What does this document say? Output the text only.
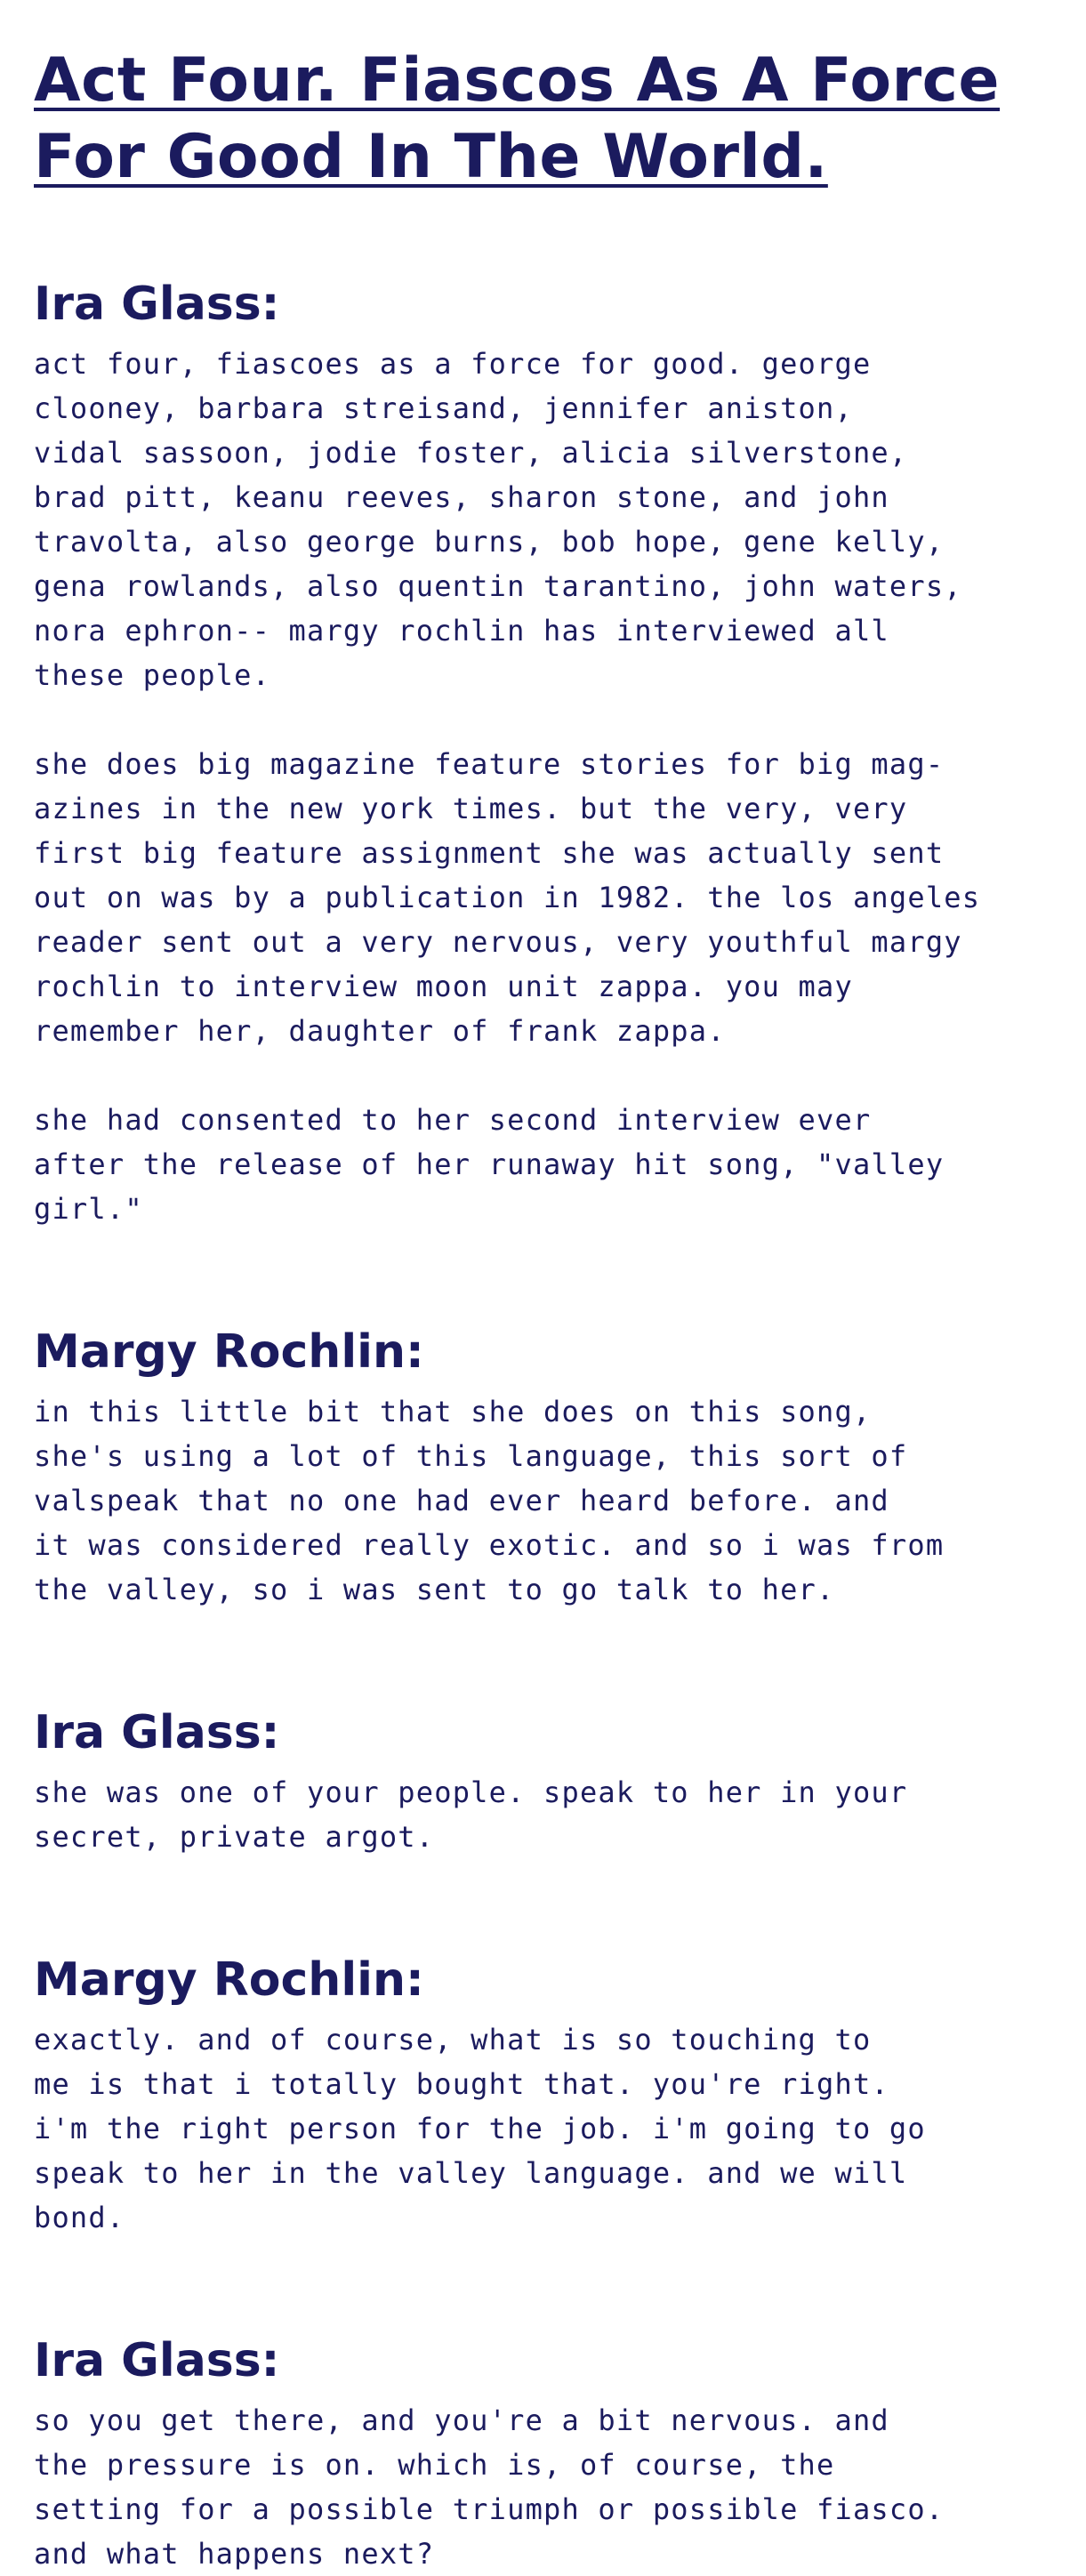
Act Four. Fiascos As A Force For Good In The World.
Ira Glass:

act four, fiascoes as a force for good. george
clooney, barbara streisand, jennifer aniston,
vidal sassoon, jodie foster, alicia silverstone,
brad pitt, keanu reeves, sharon stone, and john
travolta, also george burns, bob hope, gene kelly,
gena rowlands, also quentin tarantino, john waters,
nora ephron-- margy rochlin has interviewed all
these people.

she does big magazine feature stories for big mag-
azines in the new york times. but the very, very
first big feature assignment she was actually sent
out on was by a publication in 1982. the los angeles
reader sent out a very nervous, very youthful margy
rochlin to interview moon unit zappa. you may
remember her, daughter of frank zappa.

she had consented to her second interview ever
after the release of her runaway hit song, "valley girl."

Margy Rochlin:

in this little bit that she does on this song,
she's using a lot of this language, this sort of
valspeak that no one had ever heard before. and
it was considered really exotic. and so i was from
the valley, so i was sent to go talk to her.

Ira Glass:

she was one of your people. speak to her in your
secret, private argot.

Margy Rochlin:

exactly. and of course, what is so touching to
me is that i totally bought that. you're right.
i'm the right person for the job. i'm going to go
speak to her in the valley language. and we will
bond.

Ira Glass:

so you get there, and you're a bit nervous. and
the pressure is on. which is, of course, the
setting for a possible triumph or possible fiasco.
and what happens next?
